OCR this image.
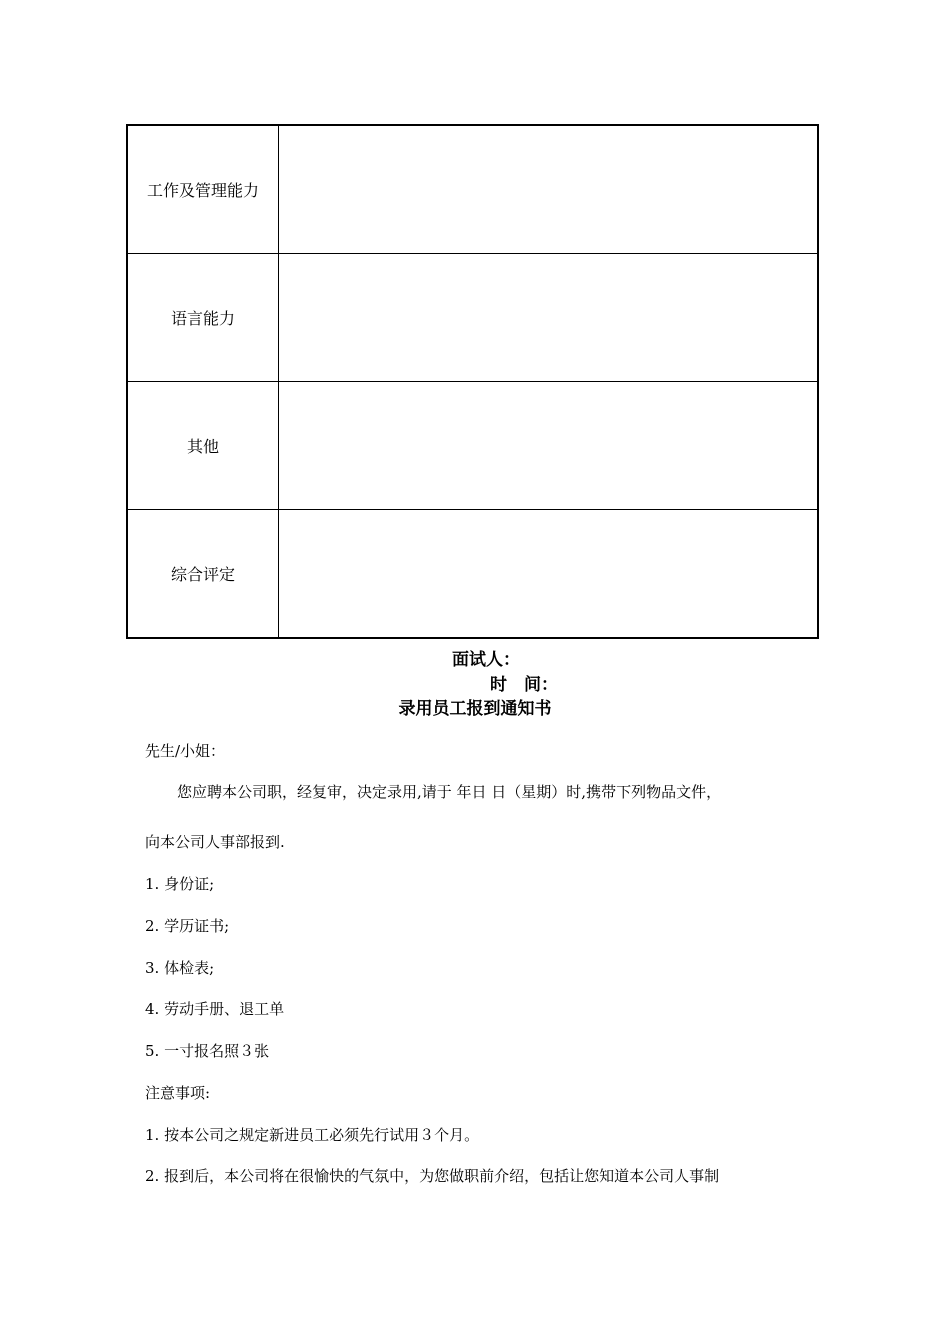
工作及管理能力	
语言能力	
其他	
综合评定	
面试人：
时　间：
录用员工报到通知书
先生/小姐：
您应聘本公司职，经复审，决定录用,请于 年日 日（星期）时,携带下列物品文件，
向本公司人事部报到.
1. 身份证;
2. 学历证书;
3. 体检表;
4. 劳动手册、退工单
5. 一寸报名照３张
注意事项:
1. 按本公司之规定新进员工必须先行试用３个月。
2. 报到后，本公司将在很愉快的气氛中，为您做职前介绍，包括让您知道本公司人事制
